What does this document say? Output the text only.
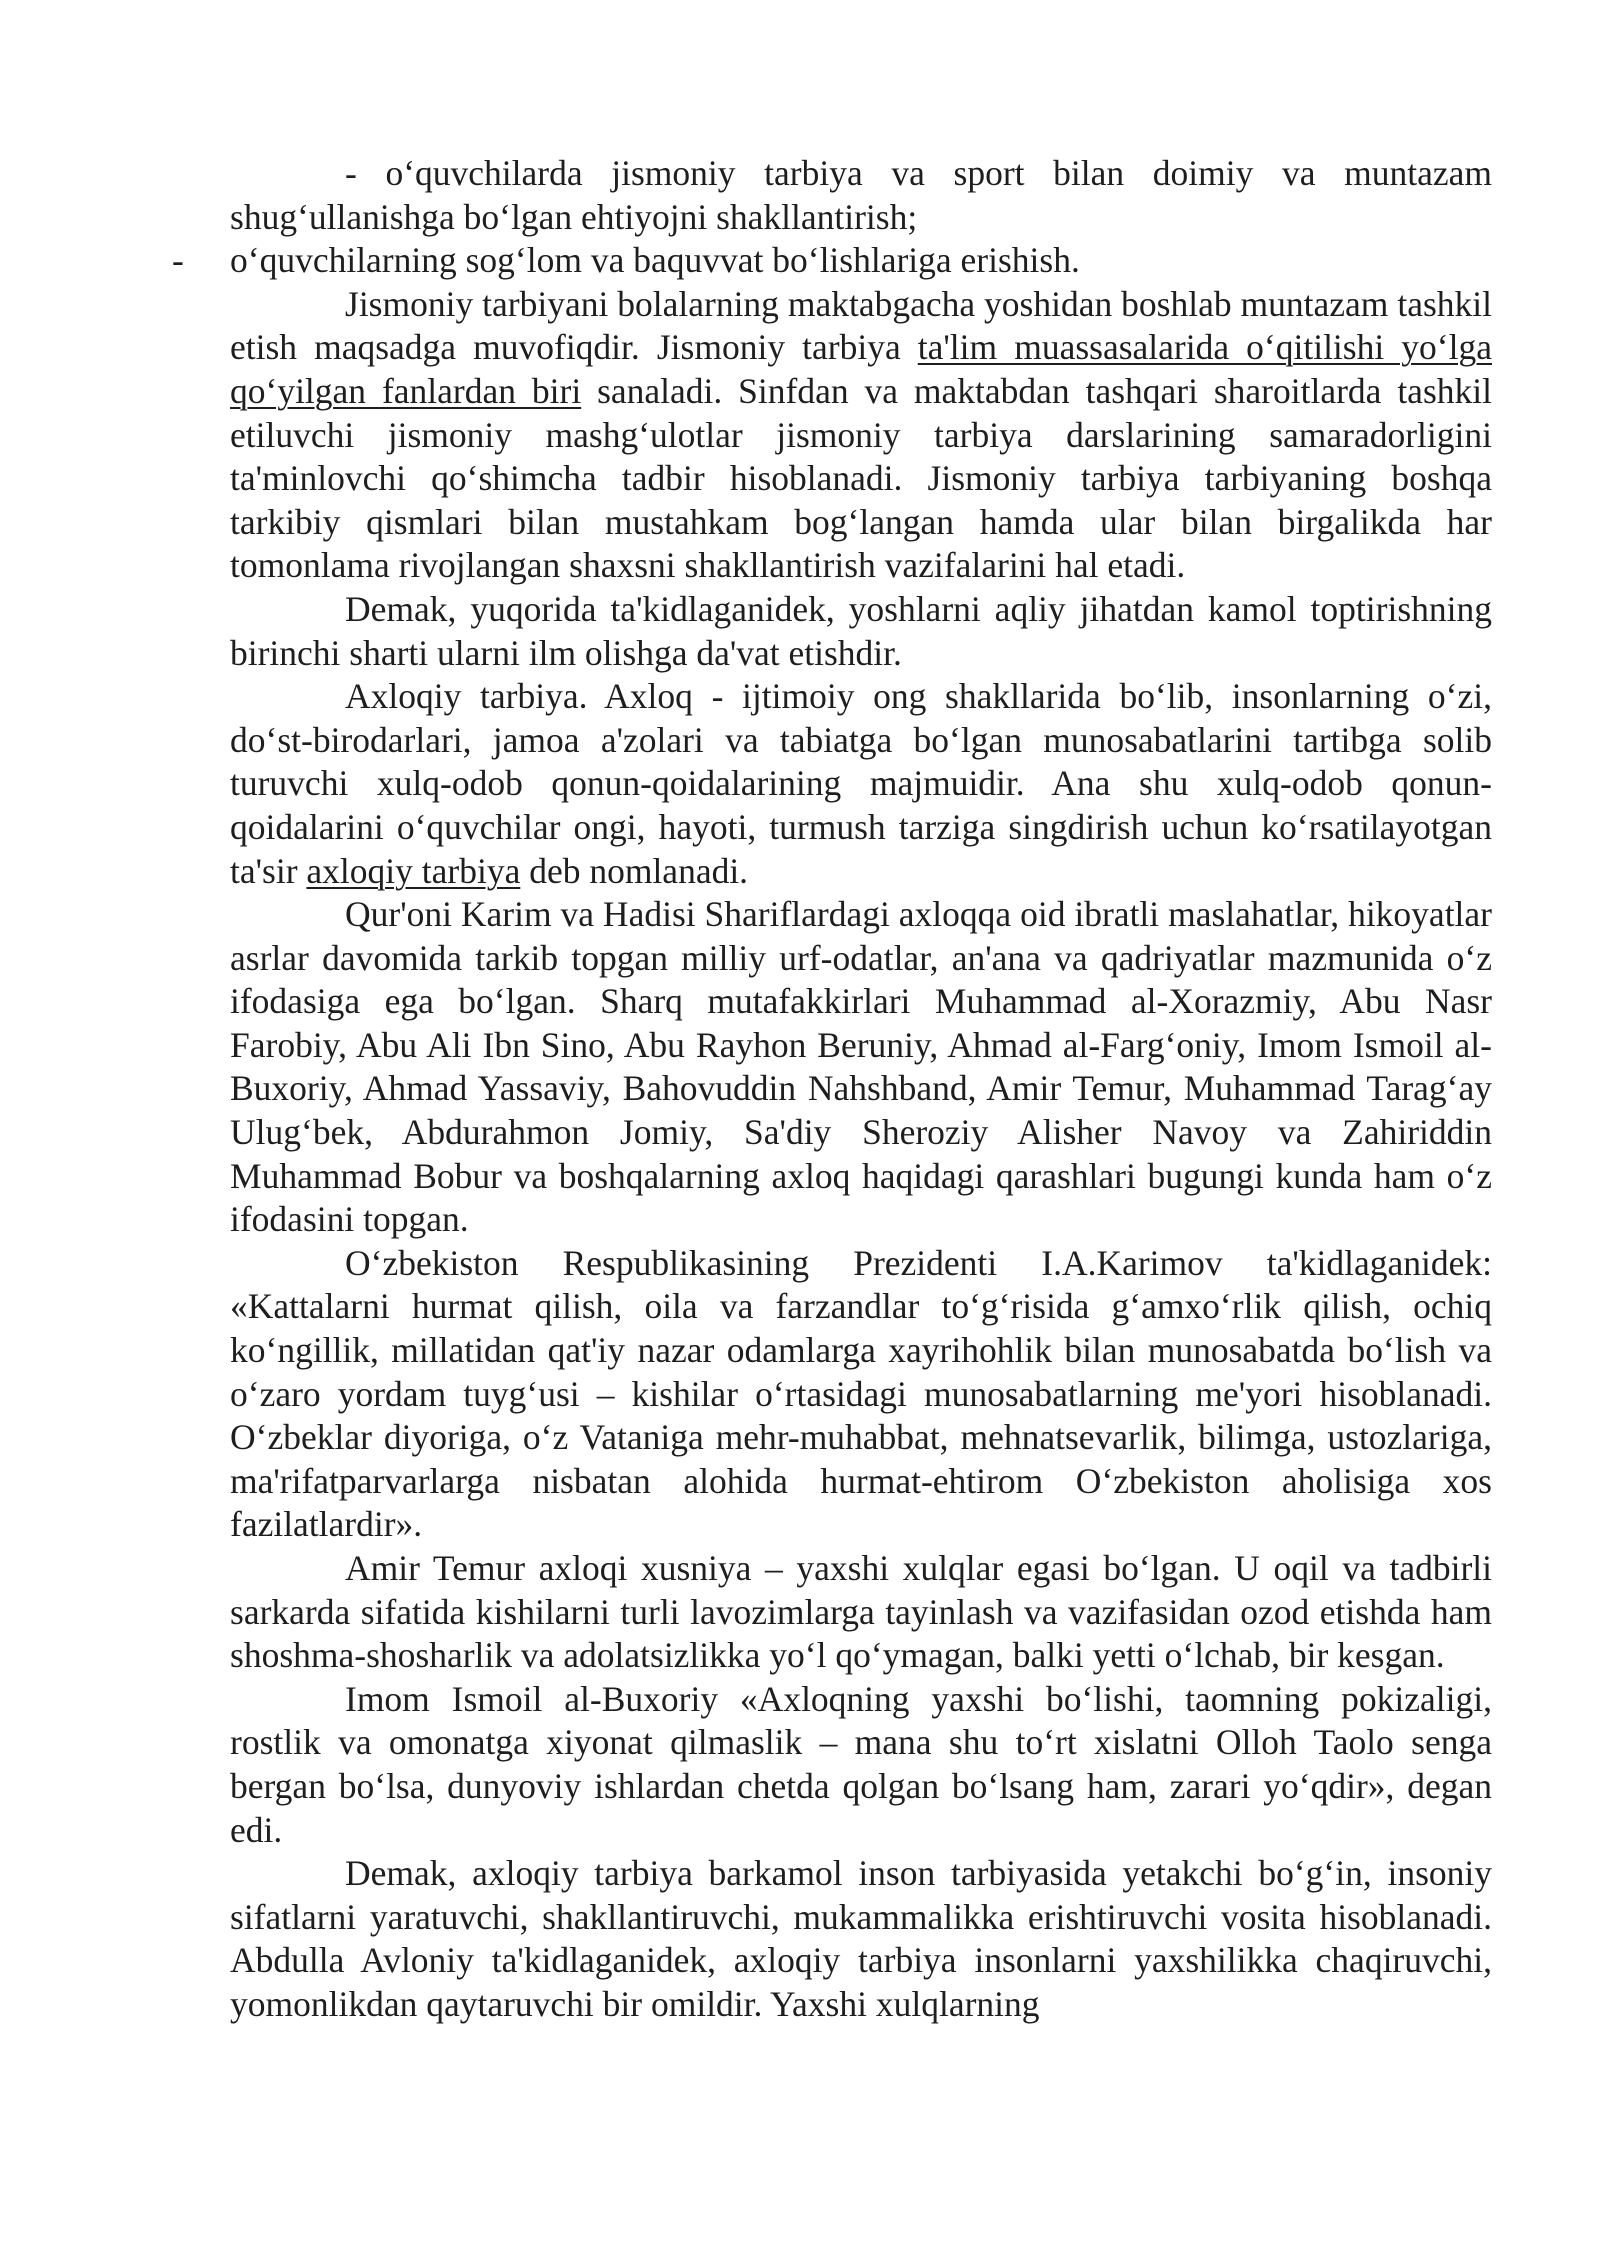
- o‘quvchilarda jismoniy tarbiya va sport bilan doimiy va muntazam shug‘ullanishga bo‘lgan ehtiyojni shakllantirish;

- o‘quvchilarning sog‘lom va baquvvat bo‘lishlariga erishish.

Jismoniy tarbiyani bolalarning maktabgacha yoshidan boshlab muntazam tashkil etish maqsadga muvofiqdir. Jismoniy tarbiya ta'lim muassasalarida o‘qitilishi yo‘lga qo‘yilgan fanlardan biri sanaladi. Sinfdan va maktabdan tashqari sharoitlarda tashkil etiluvchi jismoniy mashg‘ulotlar jismoniy tarbiya darslarining samaradorligini ta'minlovchi qo‘shimcha tadbir hisoblanadi. Jismoniy tarbiya tarbiyaning boshqa tarkibiy qismlari bilan mustahkam bog‘langan hamda ular bilan birgalikda har tomonlama rivojlangan shaxsni shakllantirish vazifalarini hal etadi.

Demak, yuqorida ta'kidlaganidek, yoshlarni aqliy jihatdan kamol toptirishning birinchi sharti ularni ilm olishga da'vat etishdir.

Axloqiy tarbiya. Axloq - ijtimoiy ong shakllarida bo‘lib, insonlarning o‘zi, do‘st-birodarlari, jamoa a'zolari va tabiatga bo‘lgan munosabatlarini tartibga solib turuvchi xulq-odob qonun-qoidalarining majmuidir. Ana shu xulq-odob qonun-qoidalarini o‘quvchilar ongi, hayoti, turmush tarziga singdirish uchun ko‘rsatilayotgan ta'sir axloqiy tarbiya deb nomlanadi.

Qur'oni Karim va Hadisi Shariflardagi axloqqa oid ibratli maslahatlar, hikoyatlar asrlar davomida tarkib topgan milliy urf-odatlar, an'ana va qadriyatlar mazmunida o‘z ifodasiga ega bo‘lgan. Sharq mutafakkirlari Muhammad al-Xorazmiy, Abu Nasr Farobiy, Abu Ali Ibn Sino, Abu Rayhon Beruniy, Ahmad al-Farg‘oniy, Imom Ismoil al-Buxoriy, Ahmad Yassaviy, Bahovuddin Nahshband, Amir Temur, Muhammad Tarag‘ay Ulug‘bek, Abdurahmon Jomiy, Sa'diy Sheroziy Alisher Navoy va Zahiriddin Muhammad Bobur va boshqalarning axloq haqidagi qarashlari bugungi kunda ham o‘z ifodasini topgan.

O‘zbekiston Respublikasining Prezidenti I.A.Karimov ta'kidlaganidek: «Kattalarni hurmat qilish, oila va farzandlar to‘g‘risida g‘amxo‘rlik qilish, ochiq ko‘ngillik, millatidan qat'iy nazar odamlarga xayrihohlik bilan munosabatda bo‘lish va o‘zaro yordam tuyg‘usi – kishilar o‘rtasidagi munosabatlarning me'yori hisoblanadi. O‘zbeklar diyoriga, o‘z Vataniga mehr-muhabbat, mehnatsevarlik, bilimga, ustozlariga, ma'rifatparvarlarga nisbatan alohida hurmat-ehtirom O‘zbekiston aholisiga xos fazilatlardir».

Amir Temur axloqi xusniya – yaxshi xulqlar egasi bo‘lgan. U oqil va tadbirli sarkarda sifatida kishilarni turli lavozimlarga tayinlash va vazifasidan ozod etishda ham shoshma-shosharlik va adolatsizlikka yo‘l qo‘ymagan, balki yetti o‘lchab, bir kesgan.

Imom Ismoil al-Buxoriy «Axloqning yaxshi bo‘lishi, taomning pokizaligi, rostlik va omonatga xiyonat qilmaslik – mana shu to‘rt xislatni Olloh Taolo senga bergan bo‘lsa, dunyoviy ishlardan chetda qolgan bo‘lsang ham, zarari yo‘qdir», degan edi.

Demak, axloqiy tarbiya barkamol inson tarbiyasida yetakchi bo‘g‘in, insoniy sifatlarni yaratuvchi, shakllantiruvchi, mukammalikka erishtiruvchi vosita hisoblanadi. Abdulla Avloniy ta'kidlaganidek, axloqiy tarbiya insonlarni yaxshilikka chaqiruvchi, yomonlikdan qaytaruvchi bir omildir. Yaxshi xulqlarning
